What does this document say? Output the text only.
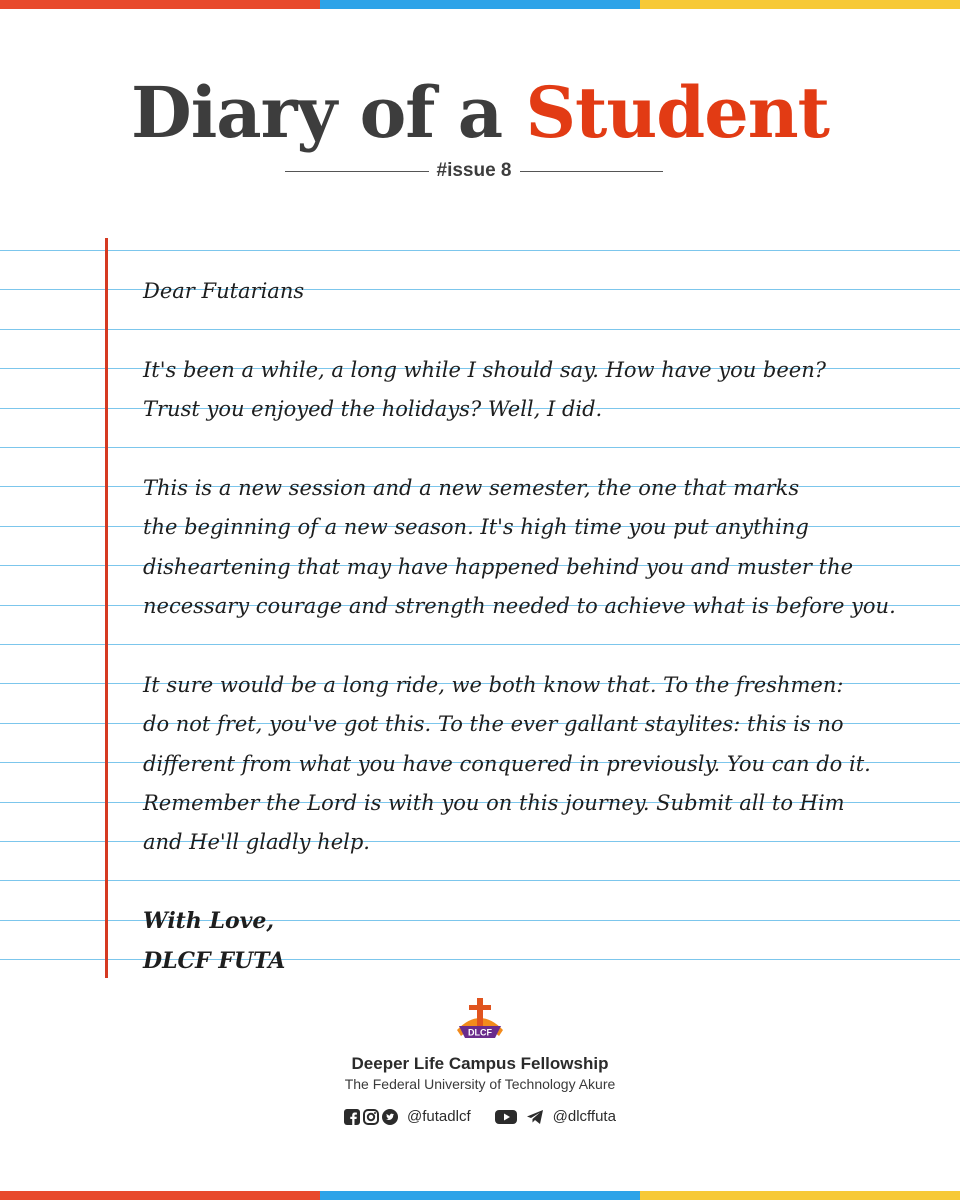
Diary of a Student
#issue 8
Dear Futarians
It's been a while, a long while I should say. How have you been?
Trust you enjoyed the holidays? Well, I did.
This is a new session and a new semester, the one that marks
the beginning of a new season. It's high time you put anything
disheartening that may have happened behind you and muster the
necessary courage and strength needed to achieve what is before you.
It sure would be a long ride, we both know that. To the freshmen:
do not fret, you've got this. To the ever gallant staylites: this is no
different from what you have conquered in previously. You can do it.
Remember the Lord is with you on this journey. Submit all to Him
and He'll gladly help.
With Love,
DLCF FUTA
DLCF
Deeper Life Campus Fellowship
The Federal University of Technology Akure
@futadlcf	@dlcffuta
